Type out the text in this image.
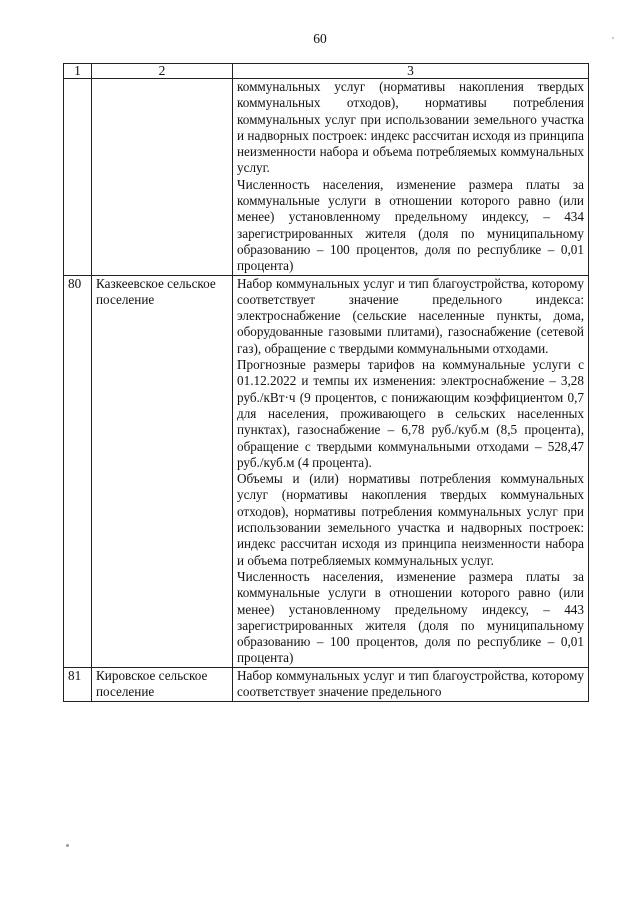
60
1	2	3

		коммунальных услуг (нормативы накопления твердых коммунальных отходов), нормативы потребления коммунальных услуг при использовании земельного участка и надворных построек: индекс рассчитан исходя из принципа неизменности набора и объема потребляемых коммунальных услуг.

Численность населения, изменение размера платы за коммунальные услуги в отношении которого равно (или менее) установленному предельному индексу, – 434 зарегистрированных жителя (доля по муниципальному образованию – 100 процентов, доля по республике – 0,01 процента)

80	Казкеевское сельское поселение	Набор коммунальных услуг и тип благоустройства, которому соответствует значение предельного индекса: электроснабжение (сельские населенные пункты, дома, оборудованные газовыми плитами), газоснабжение (сетевой газ), обращение с твердыми коммунальными отходами.

Прогнозные размеры тарифов на коммунальные услуги с 01.12.2022 и темпы их изменения: электроснабжение – 3,28 руб./кВт·ч (9 процентов, с понижающим коэффициентом 0,7 для населения, проживающего в сельских населенных пунктах), газоснабжение – 6,78 руб./куб.м (8,5 процента), обращение с твердыми коммунальными отходами – 528,47 руб./куб.м (4 процента).

Объемы и (или) нормативы потребления коммунальных услуг (нормативы накопления твердых коммунальных отходов), нормативы потребления коммунальных услуг при использовании земельного участка и надворных построек: индекс рассчитан исходя из принципа неизменности набора и объема потребляемых коммунальных услуг.

Численность населения, изменение размера платы за коммунальные услуги в отношении которого равно (или менее) установленному предельному индексу, – 443 зарегистрированных жителя (доля по муниципальному образованию – 100 процентов, доля по республике – 0,01 процента)

81	Кировское сельское поселение	Набор коммунальных услуг и тип благоустройства, которому соответствует значение предельного
